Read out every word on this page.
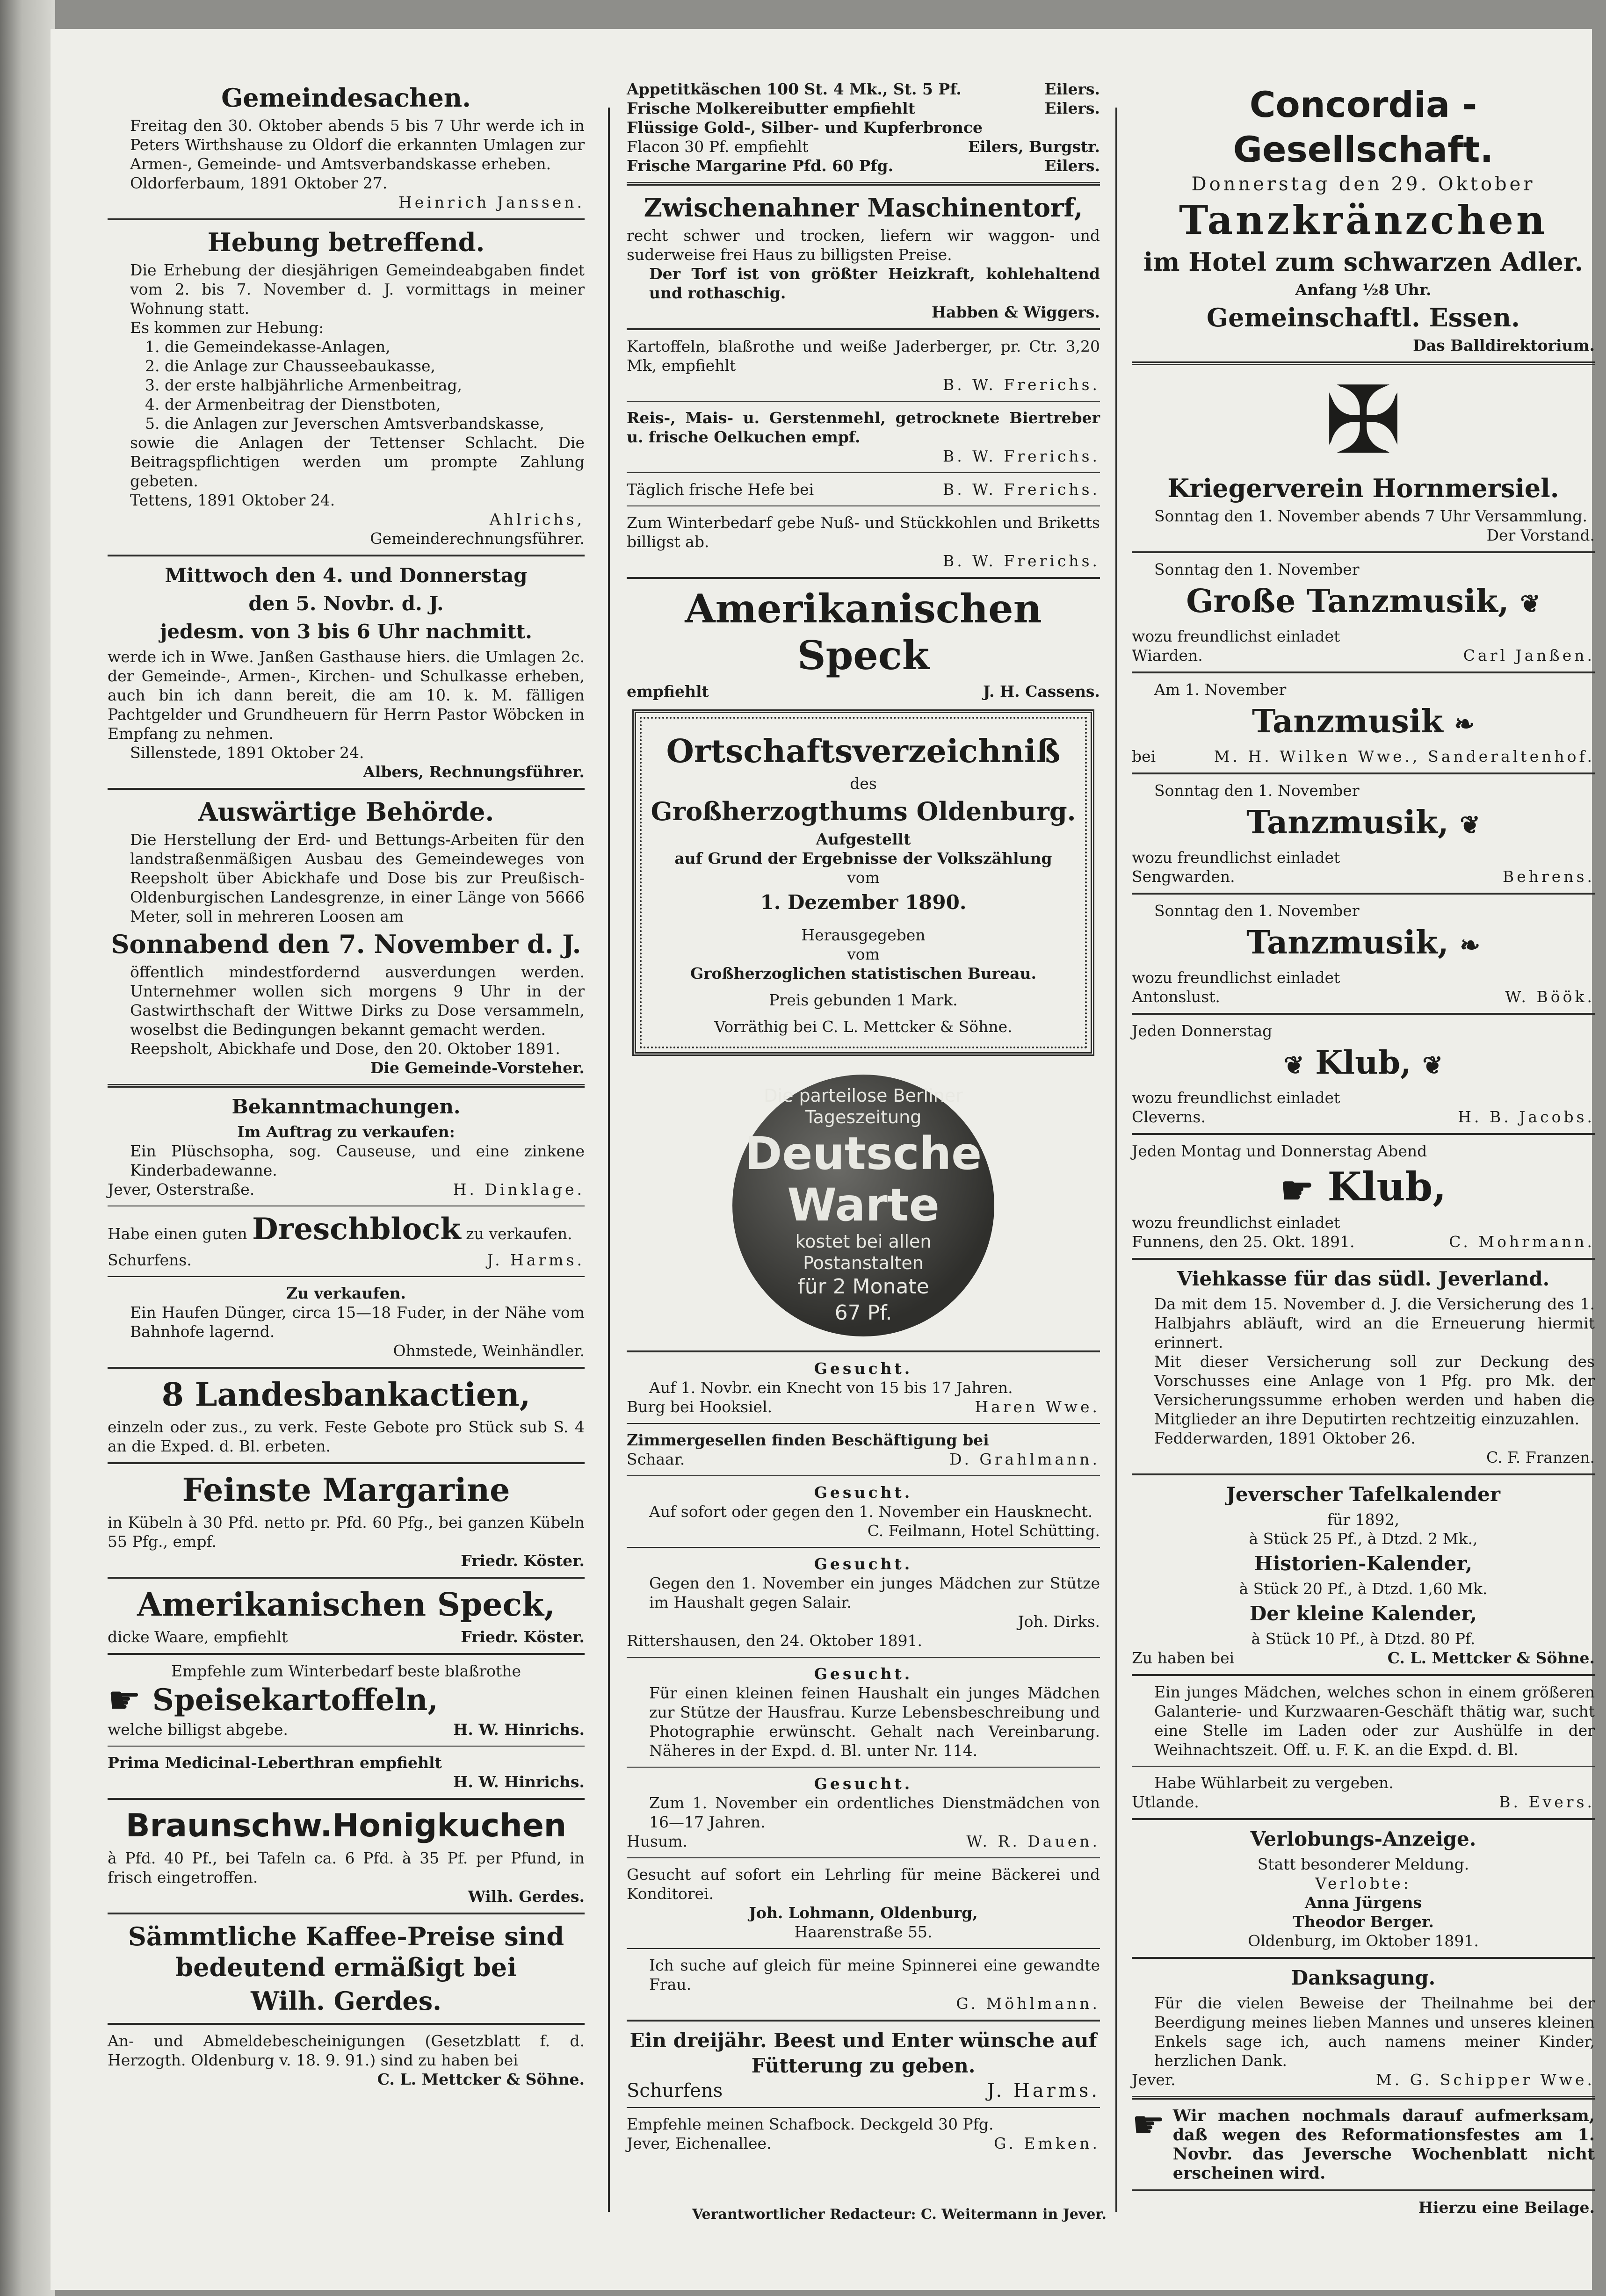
Gemeindesachen.

Freitag den 30. Oktober abends 5 bis 7 Uhr werde ich in Peters Wirthshause zu Oldorf die erkannten Umlagen zur Armen-, Gemeinde- und Amtsverbandskasse erheben.

Oldorferbaum, 1891 Oktober 27.

Heinrich Janssen.

Hebung betreffend.

Die Erhebung der diesjährigen Gemeindeabgaben findet vom 2. bis 7. November d. J. vormittags in meiner Wohnung statt.

Es kommen zur Hebung:

1. die Gemeindekasse-Anlagen,

2. die Anlage zur Chausseebaukasse,

3. der erste halbjährliche Armenbeitrag,

4. der Armenbeitrag der Dienstboten,

5. die Anlagen zur Jeverschen Amtsverbandskasse,

sowie die Anlagen der Tettenser Schlacht. Die Beitragspflichtigen werden um prompte Zahlung gebeten.

Tettens, 1891 Oktober 24.

Ahlrichs,

Gemeinderechnungsführer.

Mittwoch den 4. und Donnerstag
den 5. Novbr. d. J.
jedesm. von 3 bis 6 Uhr nachmitt.

werde ich in Wwe. Janßen Gasthause hiers. die Umlagen 2c. der Gemeinde-, Armen-, Kirchen- und Schulkasse erheben, auch bin ich dann bereit, die am 10. k. M. fälligen Pachtgelder und Grundheuern für Herrn Pastor Wöbcken in Empfang zu nehmen.

Sillenstede, 1891 Oktober 24.

Albers, Rechnungsführer.

Auswärtige Behörde.

Die Herstellung der Erd- und Bettungs-Arbeiten für den landstraßenmäßigen Ausbau des Gemeindeweges von Reepsholt über Abickhafe und Dose bis zur Preußisch-Oldenburgischen Landesgrenze, in einer Länge von 5666 Meter, soll in mehreren Loosen am

Sonnabend den 7. November d. J.

öffentlich mindestfordernd ausverdungen werden. Unternehmer wollen sich morgens 9 Uhr in der Gastwirthschaft der Wittwe Dirks zu Dose versammeln, woselbst die Bedingungen bekannt gemacht werden.

Reepsholt, Abickhafe und Dose, den 20. Oktober 1891.

Die Gemeinde-Vorsteher.

Bekanntmachungen.

Im Auftrag zu verkaufen:

Ein Plüschsopha, sog. Causeuse, und eine zinkene Kinderbadewanne.

Jever, Osterstraße.	H. Dinklage.
Habe einen guten Dreschblock zu verkaufen.
Schurfens.	J. Harms.

Zu verkaufen.

Ein Haufen Dünger, circa 15—18 Fuder, in der Nähe vom Bahnhofe lagernd.

Ohmstede, Weinhändler.

8 Landesbankactien,

einzeln oder zus., zu verk. Feste Gebote pro Stück sub S. 4 an die Exped. d. Bl. erbeten.

Feinste Margarine

in Kübeln à 30 Pfd. netto pr. Pfd. 60 Pfg., bei ganzen Kübeln 55 Pfg., empf.

Friedr. Köster.

Amerikanischen Speck,
dicke Waare, empfiehlt	Friedr. Köster.

Empfehle zum Winterbedarf beste blaßrothe

☛ Speisekartoffeln,
welche billigst abgebe.	H. W. Hinrichs.

Prima Medicinal-Leberthran empfiehlt

H. W. Hinrichs.

Braunschw.Honigkuchen

à Pfd. 40 Pf., bei Tafeln ca. 6 Pfd. à 35 Pf. per Pfund, in frisch eingetroffen.

Wilh. Gerdes.

Sämmtliche Kaffee-Preise sind bedeutend ermäßigt bei
Wilh. Gerdes.

An- und Abmeldebescheinigungen (Gesetzblatt f. d. Herzogth. Oldenburg v. 18. 9. 91.) sind zu haben bei

C. L. Mettcker & Söhne.

Appetitkäschen 100 St. 4 Mk., St. 5 Pf.	Eilers.
Frische Molkereibutter empfiehlt	Eilers.

Flüssige Gold-, Silber- und Kupferbronce

Flacon 30 Pf. empfiehlt	Eilers, Burgstr.
Frische Margarine Pfd. 60 Pfg.	Eilers.
Zwischenahner Maschinentorf,

recht schwer und trocken, liefern wir waggon- und suderweise frei Haus zu billigsten Preise.

Der Torf ist von größter Heizkraft, kohlehaltend und rothaschig.

Habben & Wiggers.

Kartoffeln, blaßrothe und weiße Jaderberger, pr. Ctr. 3,20 Mk, empfiehlt

B. W. Frerichs.

Reis-, Mais- u. Gerstenmehl, getrocknete Biertreber u. frische Oelkuchen empf.

B. W. Frerichs.

Täglich frische Hefe bei	B. W. Frerichs.

Zum Winterbedarf gebe Nuß- und Stückkohlen und Briketts billigst ab.

B. W. Frerichs.

Amerikanischen Speck
empfiehlt	J. H. Cassens.
Ortschaftsverzeichniß

des

Großherzogthums Oldenburg.

Aufgestellt

auf Grund der Ergebnisse der Volkszählung

vom

1. Dezember 1890.

Herausgegeben

vom

Großherzoglichen statistischen Bureau.

Preis gebunden 1 Mark.

Vorräthig bei C. L. Mettcker & Söhne.

Die parteilose Berliner Tageszeitung
Deutsche Warte
kostet bei allen Postanstalten
für 2 Monate
67 Pf.

Gesucht.

Auf 1. Novbr. ein Knecht von 15 bis 17 Jahren.

Burg bei Hooksiel.	Haren Wwe.

Zimmergesellen finden Beschäftigung bei

Schaar.	D. Grahlmann.

Gesucht.

Auf sofort oder gegen den 1. November ein Hausknecht.

C. Feilmann, Hotel Schütting.

Gesucht.

Gegen den 1. November ein junges Mädchen zur Stütze im Haushalt gegen Salair.

Joh. Dirks.

Rittershausen, den 24. Oktober 1891.

Gesucht.

Für einen kleinen feinen Haushalt ein junges Mädchen zur Stütze der Hausfrau. Kurze Lebensbeschreibung und Photographie erwünscht. Gehalt nach Vereinbarung. Näheres in der Expd. d. Bl. unter Nr. 114.

Gesucht.

Zum 1. November ein ordentliches Dienstmädchen von 16—17 Jahren.

Husum.	W. R. Dauen.

Gesucht auf sofort ein Lehrling für meine Bäckerei und Konditorei.

Joh. Lohmann, Oldenburg,

Haarenstraße 55.

Ich suche auf gleich für meine Spinnerei eine gewandte Frau.

G. Möhlmann.

Ein dreijähr. Beest und Enter wünsche auf Fütterung zu geben.
Schurfens	J. Harms.

Empfehle meinen Schafbock. Deckgeld 30 Pfg.

Jever, Eichenallee.	G. Emken.
Concordia - Gesellschaft.

Donnerstag den 29. Oktober

Tanzkränzchen
im Hotel zum schwarzen Adler.

Anfang ½8 Uhr.

Gemeinschaftl. Essen.

Das Balldirektorium.

✠
Kriegerverein Hornmersiel.

Sonntag den 1. November abends 7 Uhr Versammlung.

Der Vorstand.

Sonntag den 1. November

Große Tanzmusik, ❦

wozu freundlichst einladet

Wiarden.	Carl Janßen.

Am 1. November

Tanzmusik ❧
bei	M. H. Wilken Wwe., Sanderaltenhof.

Sonntag den 1. November

Tanzmusik, ❦

wozu freundlichst einladet

Sengwarden.	Behrens.

Sonntag den 1. November

Tanzmusik, ❧

wozu freundlichst einladet

Antonslust.	W. Böök.

Jeden Donnerstag

❦ Klub, ❦

wozu freundlichst einladet

Cleverns.	H. B. Jacobs.

Jeden Montag und Donnerstag Abend

☛ Klub,

wozu freundlichst einladet

Funnens, den 25. Okt. 1891.	C. Mohrmann.
Viehkasse für das südl. Jeverland.

Da mit dem 15. November d. J. die Versicherung des 1. Halbjahrs abläuft, wird an die Erneuerung hiermit erinnert.

Mit dieser Versicherung soll zur Deckung des Vorschusses eine Anlage von 1 Pfg. pro Mk. der Versicherungssumme erhoben werden und haben die Mitglieder an ihre Deputirten rechtzeitig einzuzahlen.

Fedderwarden, 1891 Oktober 26.

C. F. Franzen.

Jeverscher Tafelkalender

für 1892,

à Stück 25 Pf., à Dtzd. 2 Mk.,

Historien-Kalender,

à Stück 20 Pf., à Dtzd. 1,60 Mk.

Der kleine Kalender,

à Stück 10 Pf., à Dtzd. 80 Pf.

Zu haben bei	C. L. Mettcker & Söhne.

Ein junges Mädchen, welches schon in einem größeren Galanterie- und Kurzwaaren-Geschäft thätig war, sucht eine Stelle im Laden oder zur Aushülfe in der Weihnachtszeit. Off. u. F. K. an die Expd. d. Bl.

Habe Wühlarbeit zu vergeben.

Utlande.	B. Evers.
Verlobungs-Anzeige.

Statt besonderer Meldung.

Verlobte:

Anna Jürgens

Theodor Berger.

Oldenburg, im Oktober 1891.

Danksagung.

Für die vielen Beweise der Theilnahme bei der Beerdigung meines lieben Mannes und unseres kleinen Enkels sage ich, auch namens meiner Kinder, herzlichen Dank.

Jever.	M. G. Schipper Wwe.
☛ Wir machen nochmals darauf aufmerksam, daß wegen des Reformationsfestes am 1. Novbr. das Jeversche Wochenblatt nicht erscheinen wird.

Hierzu eine Beilage.

Verantwortlicher Redacteur: C. Weitermann in Jever.
